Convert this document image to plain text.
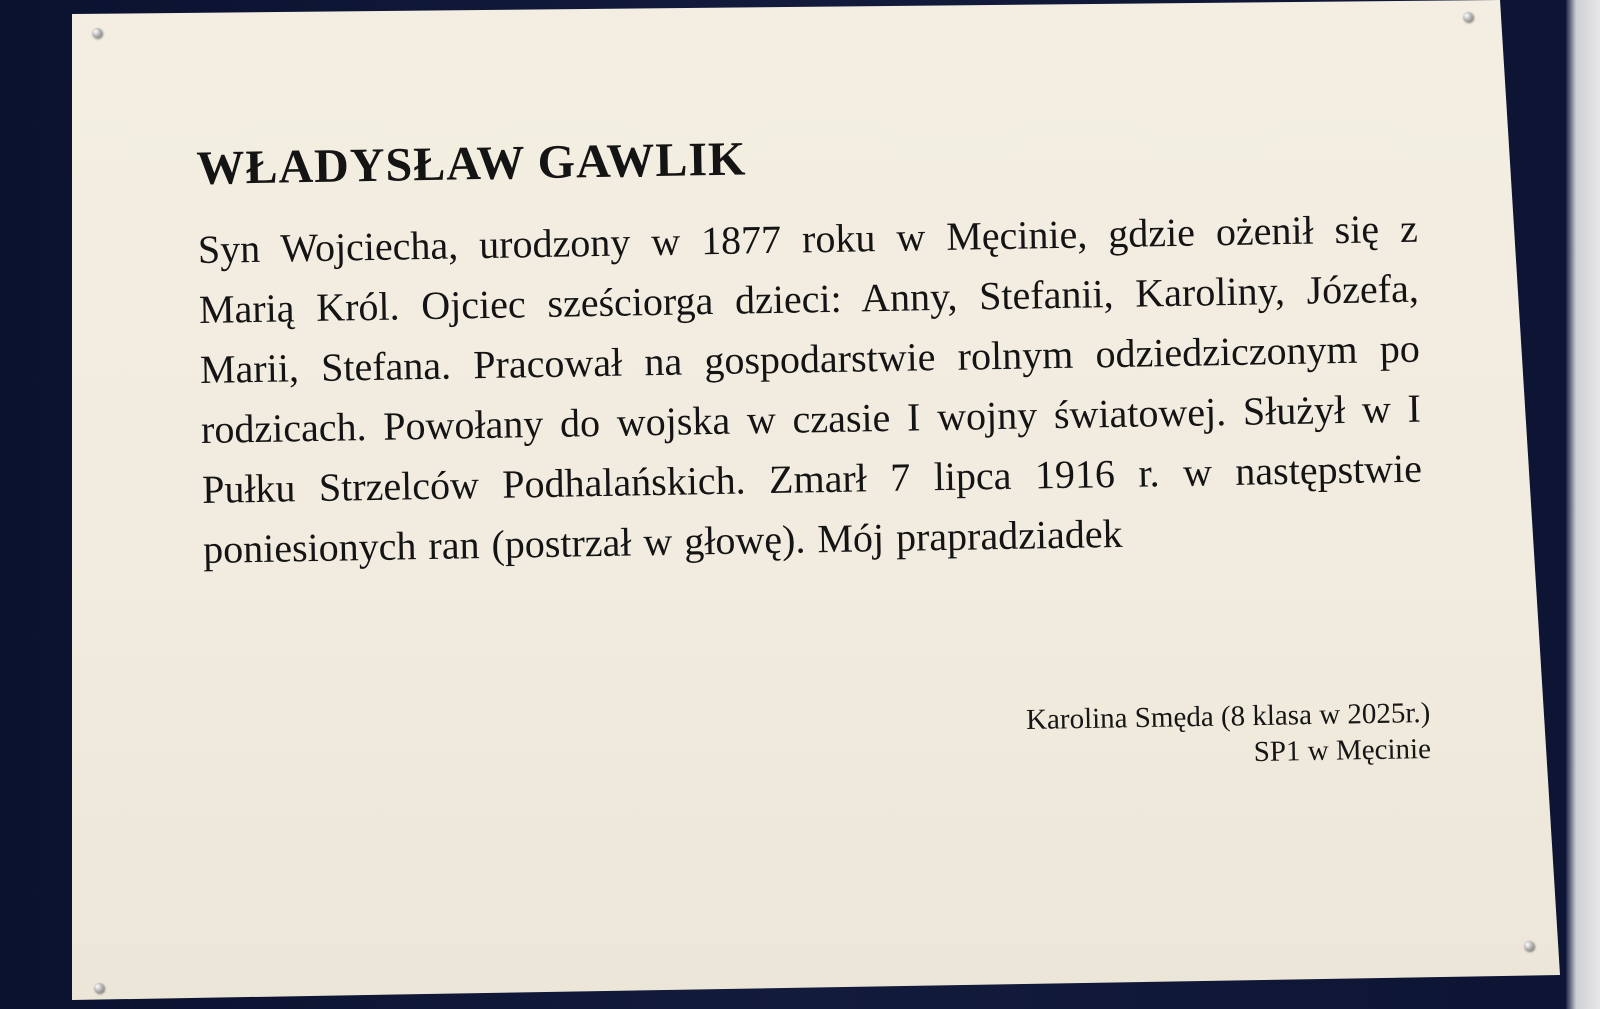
WŁADYSŁAW GAWLIK

Syn Wojciecha, urodzony w 1877 roku w Męcinie, gdzie ożenił się z Marią Król. Ojciec sześciorga dzieci: Anny, Stefanii, Karoliny, Józefa, Marii, Stefana. Pracował na gospodarstwie rolnym odziedziczonym po rodzicach. Powołany do wojska w czasie I wojny światowej. Służył w I Pułku Strzelców Podhalańskich. Zmarł 7 lipca 1916 r. w następstwie poniesionych ran (postrzał w głowę). Mój prapradziadek

Karolina Smęda (8 klasa w 2025r.)
SP1 w Męcinie
